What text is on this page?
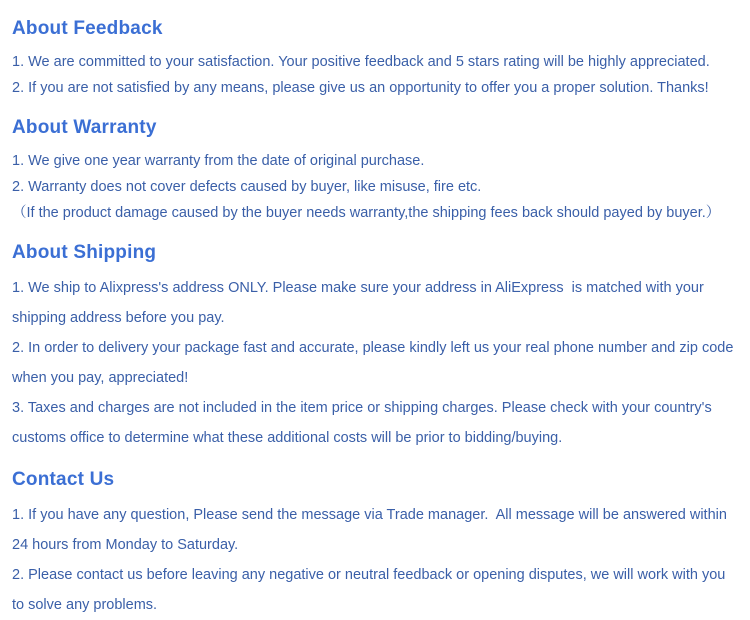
About Feedback
1. We are committed to your satisfaction. Your positive feedback and 5 stars rating will be highly appreciated.
2. If you are not satisfied by any means, please give us an opportunity to offer you a proper solution. Thanks!
About Warranty
1. We give one year warranty from the date of original purchase.
2. Warranty does not cover defects caused by buyer, like misuse, fire etc.
（If the product damage caused by the buyer needs warranty,the shipping fees back should payed by buyer.）
About Shipping
1. We ship to Alixpress's address ONLY. Please make sure your address in AliExpress  is matched with your shipping address before you pay.
2. In order to delivery your package fast and accurate, please kindly left us your real phone number and zip code when you pay, appreciated!
3. Taxes and charges are not included in the item price or shipping charges. Please check with your country's customs office to determine what these additional costs will be prior to bidding/buying.
Contact Us
1. If you have any question, Please send the message via Trade manager.  All message will be answered within 24 hours from Monday to Saturday.
2. Please contact us before leaving any negative or neutral feedback or opening disputes, we will work with you to solve any problems.
